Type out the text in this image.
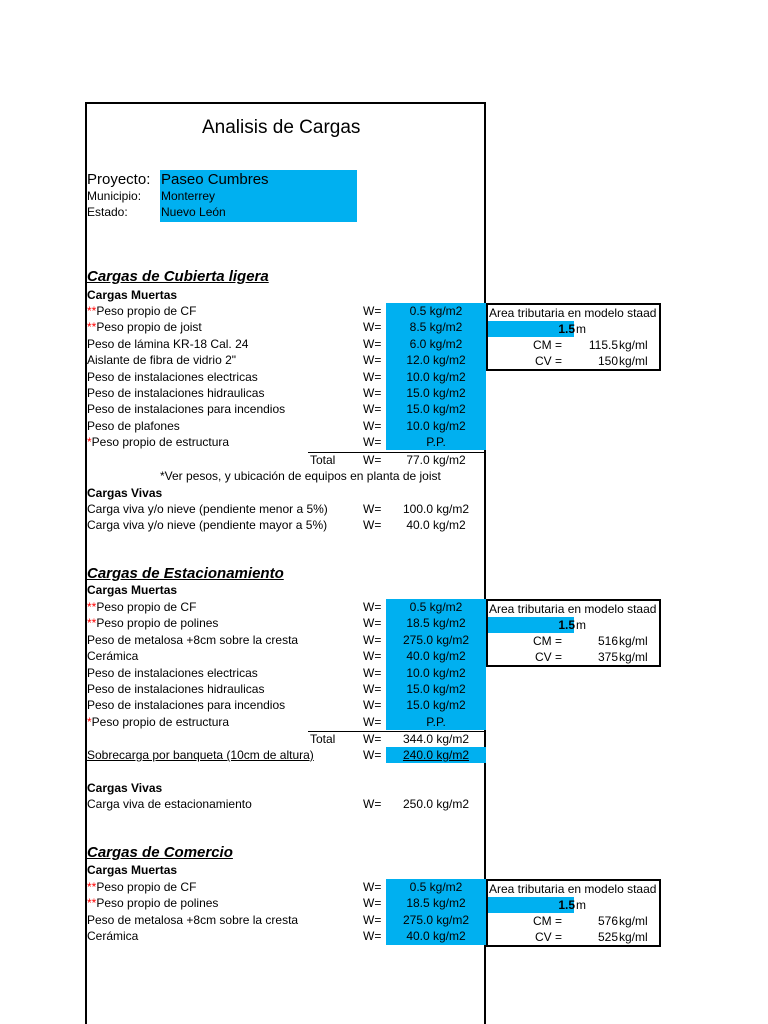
Analisis de Cargas
Proyecto: Paseo Cumbres
Municipio: Monterrey
Estado:	Nuevo León
Cargas de Cubierta ligera
Cargas Muertas
**Peso propio de CF	W=	0.5 kg/m2
**Peso propio de joist	W=	8.5 kg/m2
Peso de lámina KR-18 Cal. 24	W=	6.0 kg/m2
Aislante de fibra de vidrio 2"	W=	12.0 kg/m2
Peso de instalaciones electricas	W=	10.0 kg/m2
Peso de instalaciones hidraulicas	W=	15.0 kg/m2
Peso de instalaciones para incendios	W=	15.0 kg/m2
Peso de plafones	W=	10.0 kg/m2
*Peso propio de estructura	W=	P.P.
Total W=	77.0 kg/m2
*Ver pesos, y ubicación de equipos en planta de joist
Cargas Vivas
Carga viva y/o nieve (pendiente menor a 5%)	W=	100.0 kg/m2
Carga viva y/o nieve (pendiente mayor a 5%)	W=	40.0 kg/m2
Area tributaria en modelo staad
1.5 m
CM =	115.5 kg/ml
CV =	150 kg/ml
Cargas de Estacionamiento
Cargas Muertas
**Peso propio de CF	W=	0.5 kg/m2
**Peso propio de polines	W=	18.5 kg/m2
Peso de metalosa +8cm sobre la cresta	W=	275.0 kg/m2
Cerámica	W=	40.0 kg/m2
Peso de instalaciones electricas	W=	10.0 kg/m2
Peso de instalaciones hidraulicas	W=	15.0 kg/m2
Peso de instalaciones para incendios	W=	15.0 kg/m2
*Peso propio de estructura	W=	P.P.
Total W=	344.0 kg/m2
Sobrecarga por banqueta (10cm de altura)	W=	240.0 kg/m2
Cargas Vivas
Carga viva de estacionamiento	W=	250.0 kg/m2
Area tributaria en modelo staad
1.5 m
CM =	516 kg/ml
CV =	375 kg/ml
Cargas de Comercio
Cargas Muertas
**Peso propio de CF	W=	0.5 kg/m2
**Peso propio de polines	W=	18.5 kg/m2
Peso de metalosa +8cm sobre la cresta	W=	275.0 kg/m2
Cerámica	W=	40.0 kg/m2
Area tributaria en modelo staad
1.5 m
CM =	576 kg/ml
CV =	525 kg/ml
